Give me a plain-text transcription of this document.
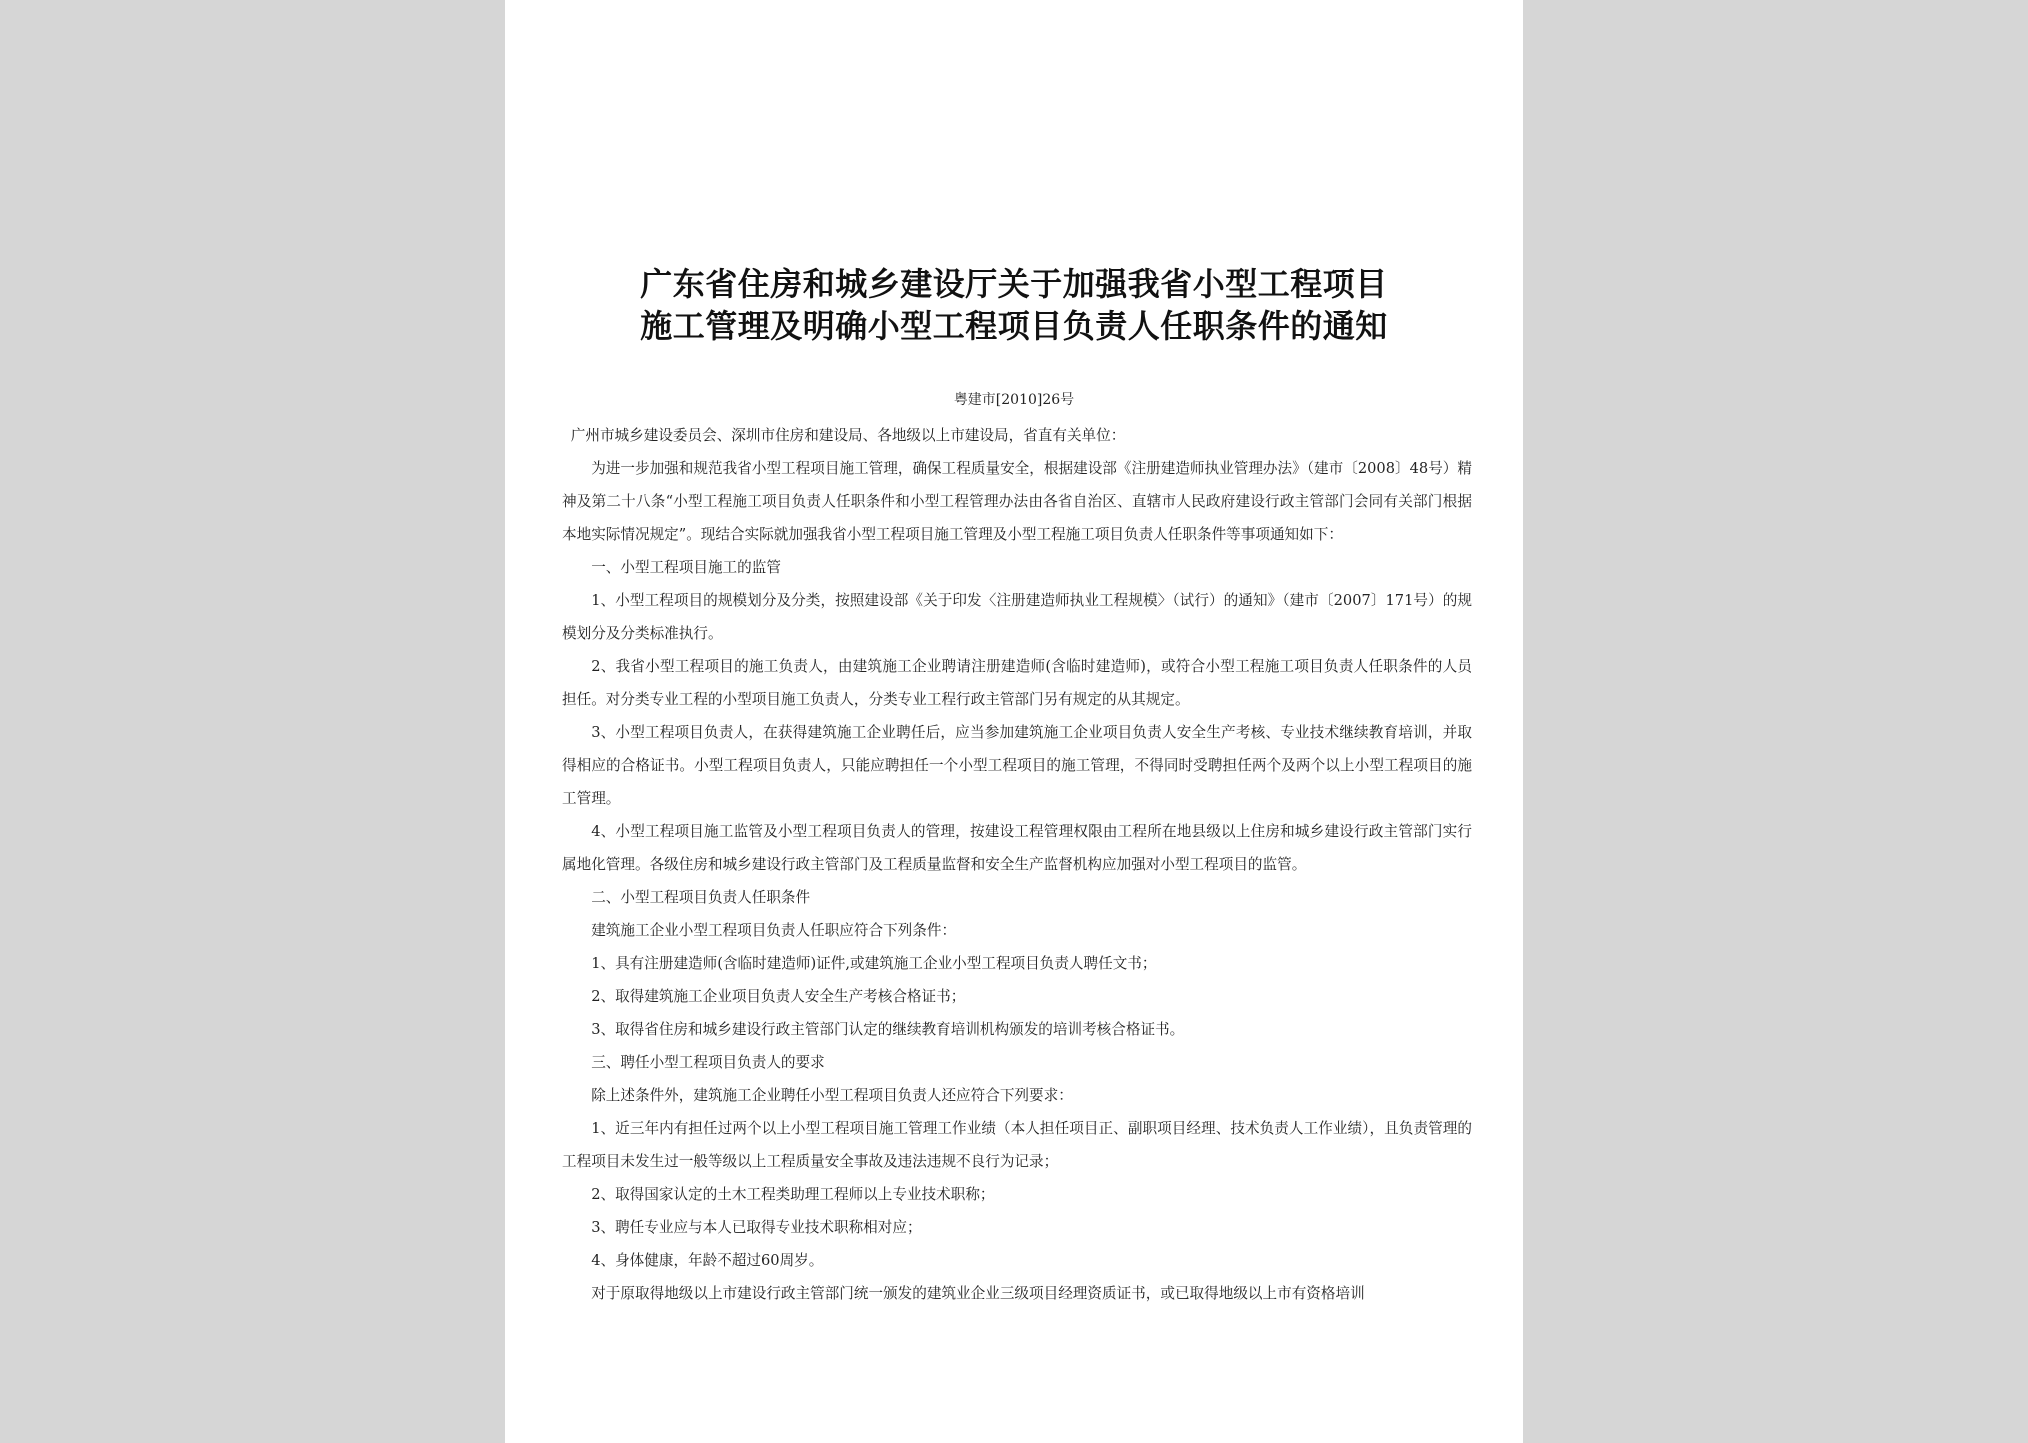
广东省住房和城乡建设厅关于加强我省小型工程项目
施工管理及明确小型工程项目负责人任职条件的通知
粤建市[2010]26号

广州市城乡建设委员会、深圳市住房和建设局、各地级以上市建设局，省直有关单位：

为进一步加强和规范我省小型工程项目施工管理，确保工程质量安全，根据建设部《注册建造师执业管理办法》（建市〔2008〕48号）精神及第二十八条“小型工程施工项目负责人任职条件和小型工程管理办法由各省自治区、直辖市人民政府建设行政主管部门会同有关部门根据本地实际情况规定”。现结合实际就加强我省小型工程项目施工管理及小型工程施工项目负责人任职条件等事项通知如下：

一、小型工程项目施工的监管

1、小型工程项目的规模划分及分类，按照建设部《关于印发〈注册建造师执业工程规模〉（试行）的通知》（建市〔2007〕171号）的规模划分及分类标准执行。

2、我省小型工程项目的施工负责人，由建筑施工企业聘请注册建造师(含临时建造师)，或符合小型工程施工项目负责人任职条件的人员担任。对分类专业工程的小型项目施工负责人，分类专业工程行政主管部门另有规定的从其规定。

3、小型工程项目负责人，在获得建筑施工企业聘任后，应当参加建筑施工企业项目负责人安全生产考核、专业技术继续教育培训，并取得相应的合格证书。小型工程项目负责人，只能应聘担任一个小型工程项目的施工管理，不得同时受聘担任两个及两个以上小型工程项目的施工管理。

4、小型工程项目施工监管及小型工程项目负责人的管理，按建设工程管理权限由工程所在地县级以上住房和城乡建设行政主管部门实行属地化管理。各级住房和城乡建设行政主管部门及工程质量监督和安全生产监督机构应加强对小型工程项目的监管。

二、小型工程项目负责人任职条件

建筑施工企业小型工程项目负责人任职应符合下列条件：

1、具有注册建造师(含临时建造师)证件,或建筑施工企业小型工程项目负责人聘任文书；

2、取得建筑施工企业项目负责人安全生产考核合格证书；

3、取得省住房和城乡建设行政主管部门认定的继续教育培训机构颁发的培训考核合格证书。

三、聘任小型工程项目负责人的要求

除上述条件外，建筑施工企业聘任小型工程项目负责人还应符合下列要求：

1、近三年内有担任过两个以上小型工程项目施工管理工作业绩（本人担任项目正、副职项目经理、技术负责人工作业绩），且负责管理的工程项目未发生过一般等级以上工程质量安全事故及违法违规不良行为记录；

2、取得国家认定的土木工程类助理工程师以上专业技术职称；

3、聘任专业应与本人已取得专业技术职称相对应；

4、身体健康，年龄不超过60周岁。

对于原取得地级以上市建设行政主管部门统一颁发的建筑业企业三级项目经理资质证书，或已取得地级以上市有资格培训
